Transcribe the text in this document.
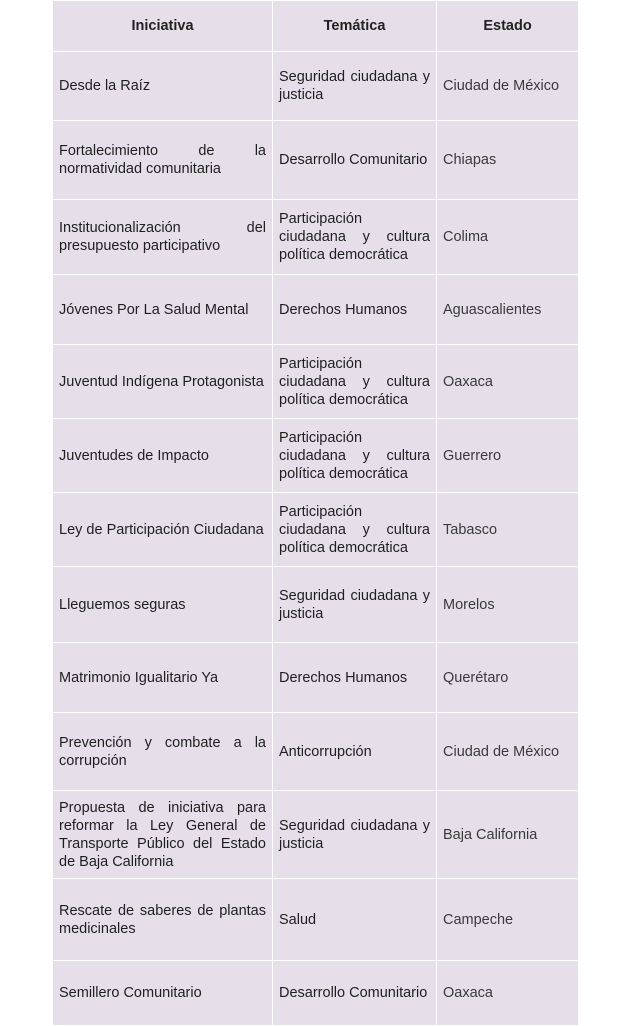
Iniciativa	Temática	Estado
Desde la Raíz	Seguridad ciudadana y justicia	Ciudad de México
Fortalecimiento de la normatividad comunitaria	Desarrollo Comunitario	Chiapas
Institucionalización del presupuesto participativo	Participación ciudadana y cultura política democrática	Colima
Jóvenes Por La Salud Mental	Derechos Humanos	Aguascalientes
Juventud Indígena Protagonista	Participación ciudadana y cultura política democrática	Oaxaca
Juventudes de Impacto	Participación ciudadana y cultura política democrática	Guerrero
Ley de Participación Ciudadana	Participación ciudadana y cultura política democrática	Tabasco
Lleguemos seguras	Seguridad ciudadana y justicia	Morelos
Matrimonio Igualitario Ya	Derechos Humanos	Querétaro
Prevención y combate a la corrupción	Anticorrupción	Ciudad de México
Propuesta de iniciativa para reformar la Ley General de Transporte Público del Estado de Baja California	Seguridad ciudadana y justicia	Baja California
Rescate de saberes de plantas medicinales	Salud	Campeche
Semillero Comunitario	Desarrollo Comunitario	Oaxaca
